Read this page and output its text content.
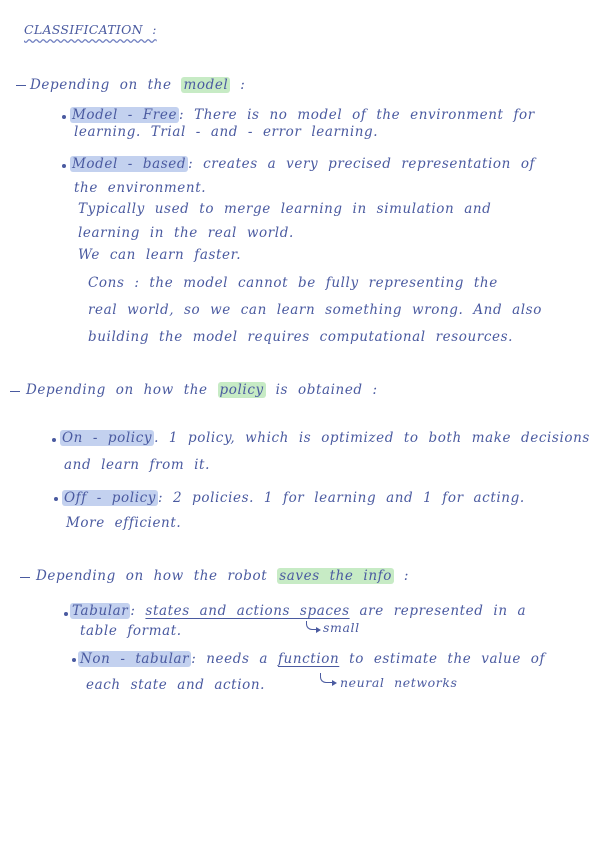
CLASSIFICATION :
Depending on the model :
Model - Free : There is no model of the environment for
learning. Trial - and - error learning.
Model - based : creates a very precised representation of
the environment.
Typically used to merge learning in simulation and
learning in the real world.
We can learn faster.
Cons : the model cannot be fully representing the
real world, so we can learn something wrong. And also
building the model requires computational resources.
Depending on how the policy is obtained :
On - policy . 1 policy, which is optimized to both make decisions
and learn from it.
Off - policy : 2 policies. 1 for learning and 1 for acting.
More efficient.
Depending on how the robot saves the info :
Tabular : states and actions spaces are represented in a
table format.	small
Non - tabular : needs a function to estimate the value of
each state and action.	neural networks
